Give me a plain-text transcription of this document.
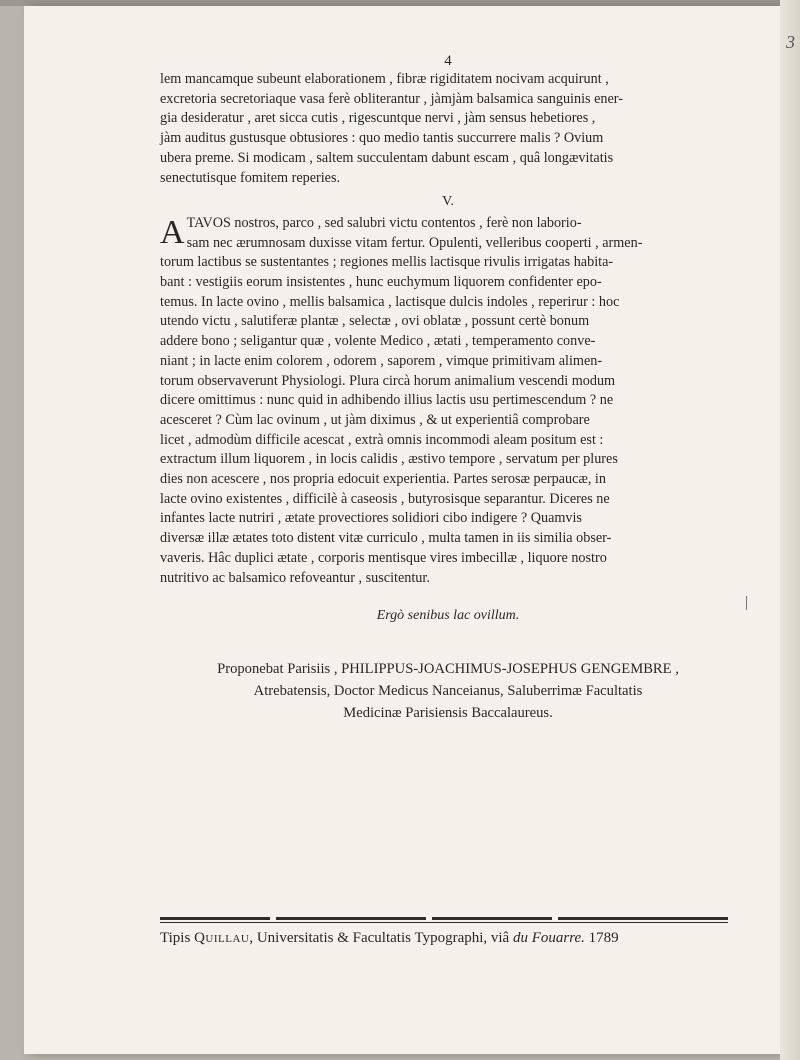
3
4

lem mancamque subeunt elaborationem , fibræ rigiditatem nocivam acquirunt ,

excretoria secretoriaque vasa ferè obliterantur , jàmjàm balsamica sanguinis ener-

gia desideratur , aret sicca cutis , rigescuntque nervi , jàm sensus hebetiores ,

jàm auditus gustusque obtusiores : quo medio tantis succurrere malis ? Ovium

ubera preme. Si modicam , saltem succulentam dabunt escam , quâ longævitatis

senectutisque fomitem reperies.

V.
A TAVOS nostros, parco , sed salubri victu contentos , ferè non laborio-

sam nec ærumnosam duxisse vitam fertur. Opulenti, velleribus cooperti , armen-

torum lactibus se sustentantes ; regiones mellis lactisque rivulis irrigatas habita-

bant : vestigiis eorum insistentes , hunc euchymum liquorem confidenter epo-

temus. In lacte ovino , mellis balsamica , lactisque dulcis indoles , reperirur : hoc

utendo victu , salutiferæ plantæ , selectæ , ovi oblatæ , possunt certè bonum

addere bono ; seligantur quæ , volente Medico , ætati , temperamento conve-

niant ; in lacte enim colorem , odorem , saporem , vimque primitivam alimen-

torum observaverunt Physiologi. Plura circà horum animalium vescendi modum

dicere omittimus : nunc quid in adhibendo illius lactis usu pertimescendum ? ne

acesceret ? Cùm lac ovinum , ut jàm diximus , & ut experientiâ comprobare

licet , admodùm difficile acescat , extrà omnis incommodi aleam positum est :

extractum illum liquorem , in locis calidis , æstivo tempore , servatum per plures

dies non acescere , nos propria edocuit experientia. Partes serosæ perpaucæ, in

lacte ovino existentes , difficilè à caseosis , butyrosisque separantur. Diceres ne

infantes lacte nutriri , ætate provectiores solidiori cibo indigere ? Quamvis

diversæ illæ ætates toto distent vitæ curriculo , multa tamen in iis similia obser-

vaveris. Hâc duplici ætate , corporis mentisque vires imbecillæ , liquore nostro

nutritivo ac balsamico refoveantur , suscitentur.

Ergò senibus lac ovillum.
Proponebat Parisiis , PHILIPPUS-JOACHIMUS-JOSEPHUS GENGEMBRE ,
Atrebatensis, Doctor Medicus Nanceianus, Saluberrimæ Facultatis
Medicinæ Parisiensis Baccalaureus.
Tipis Quillau, Universitatis & Facultatis Typographi, viâ du Fouarre. 1789
